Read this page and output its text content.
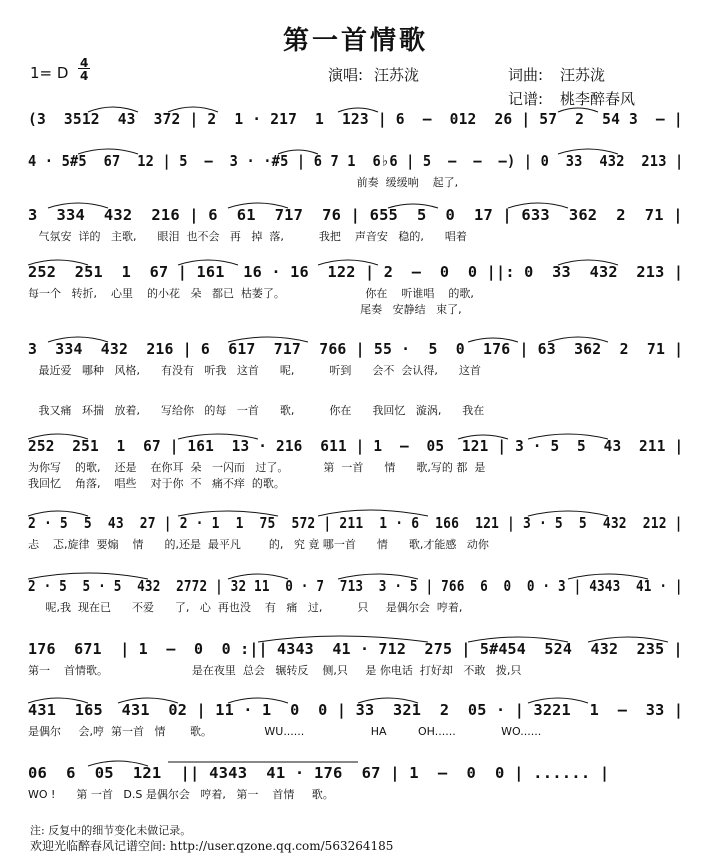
第一首情歌
1= D
4
4	演唱: 汪苏泷	词曲: 汪苏泷
记谱: 桃李醉春风
(3  3512  43  372 | 2  1 · 217  1  123 | 6  –  012  26 | 57  2  54 3  – |
4 · 5#5  67  12 | 5  –  3 · ·#5 | 6 7 1  6♭6 | 5  –  –  –) | 0  33  432  213 |
前奏  缓缓响    起了,
3  334  432  216 | 6  61  717  76 | 655  5  0  17 | 633  362  2  71 |
气氛安  详的   主歌,      眼泪  也不会   再   掉  落,          我把    声音安   稳的,      唱着
252  251  1  67 | 161  16 · 16  122 | 2  –  0  0 ||: 0  33  432  213 |
每一个   转折,    心里    的小花   朵   都已  枯萎了。                       你在    听谁唱    的歌,
尾奏   安静结   束了,
3  334  432  216 | 6  617  717  766 | 55 ·  5  0  176 | 63  362  2  71 |
最近爱   哪种   风格,      有没有   听我   这首      呢,          听到      会不  会认得,      这首
我又痛   环揣   放着,      写给你   的每   一首      歌,          你在      我回忆   漩涡,      我在
252  251  1  67 | 161  13 · 216  611 | 1  –  05  121 | 3 · 5  5  43  211 |
为你写    的歌,    还是    在你耳  朵   一闪而   过了。          第  一首      情      歌,写的 都  是
我回忆    角落,    唱些    对于你  不   痛不痒  的歌。
2 · 5  5  43  27 | 2 · 1  1  75  572 | 211  1 · 6  166  121 | 3 · 5  5  432  212 |
忐    忑,旋律  要煽    情      的,还是  最平凡        的,   究 竟 哪一首      情      歌,才能感   动你
2 · 5  5 · 5  432  2772 | 32 11  0 · 7  713  3 · 5 | 766  6  0  0 · 3 | 4343  41 · |
呢,我  现在已      不爱      了,   心  再也没    有   痛   过,          只     是偶尔会  哼着,
176  671  | 1  –  0  0 :|| 4343  41 · 712  275 | 5#454  524  432  235 |
第一    首情歌。                        是在夜里  总会   辗转反    侧,只     是 你电话  打好却   不敢   拨,只
431  165  431  02 | 11 · 1  0  0 | 33  321  2  05 · | 3221  1  –  33 |
是偶尔     会,哼  第一首   情       歌。               WU......                   HA         OH......             WO......
06  6  05  121  || 4343  41 · 176  67 | 1  –  0  0 | ...... |
WO !      第 一首   D.S 是偶尔会   哼着,   第一    首情     歌。
注: 反复中的细节变化未做记录。
欢迎光临醉春风记谱空间: http://user.qzone.qq.com/563264185
